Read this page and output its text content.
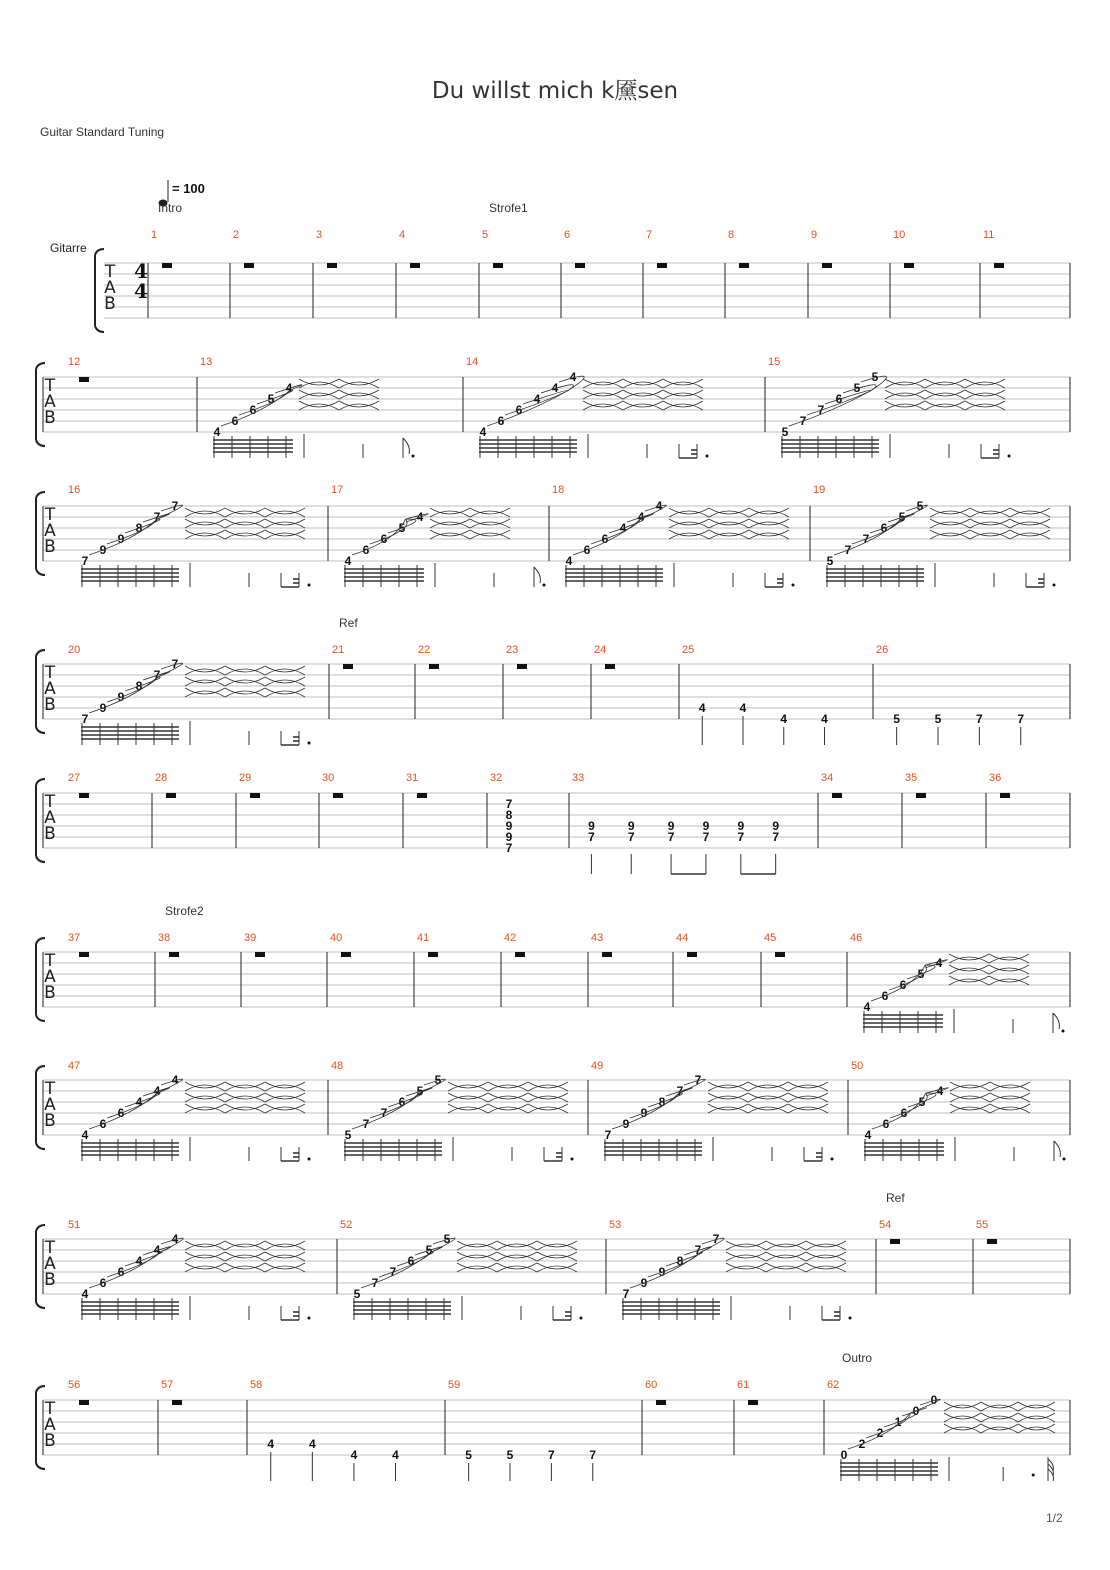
Du willst mich k黡sen
Guitar Standard Tuning
1/2
T
A
B
Gitarre
4
4
= 100
1	2	3	4	5	6	7	8	9	10	11
Intro	Strofe1
T
A
B
12	13
4
6
6
5
4
14
4
6
6
4
4
4
15
5
7
7
6
5
5
T
A
B
16
7
9
9
8
7
7
17
4
6
6
5
4
18
4
6
6
4
4
4
19
5
7
7
6
5
5
T
A
B
20
7
9
9
8
7
7
21	22	23	24	25
4	4
4	4
26
5	5	7	7
Ref
T
A
B
27	28	29	30	31	32
7
8
9
9
7
33
9
7
9
7
9
7
9
7
9
7
9
7
34	35	36
T
A
B
37	38	39	40	41	42	43	44	45	46
4
6
6
5
4
Strofe2
T
A
B
47
4
6
6
4
4
4
48
5
7
7
6
5
5
49
7
9
9
8
7
7
50
4
6
6
5
4
T
A
B
51
4
6
6
4
4
4
52
5
7
7
6
5
5
53
7
9
9
8
7
7
54	55
Ref
T
A
B
56	57	58
4	4
4	4
59
5	5	7	7
60	61	62
0
2
2
1
0
0
Outro
